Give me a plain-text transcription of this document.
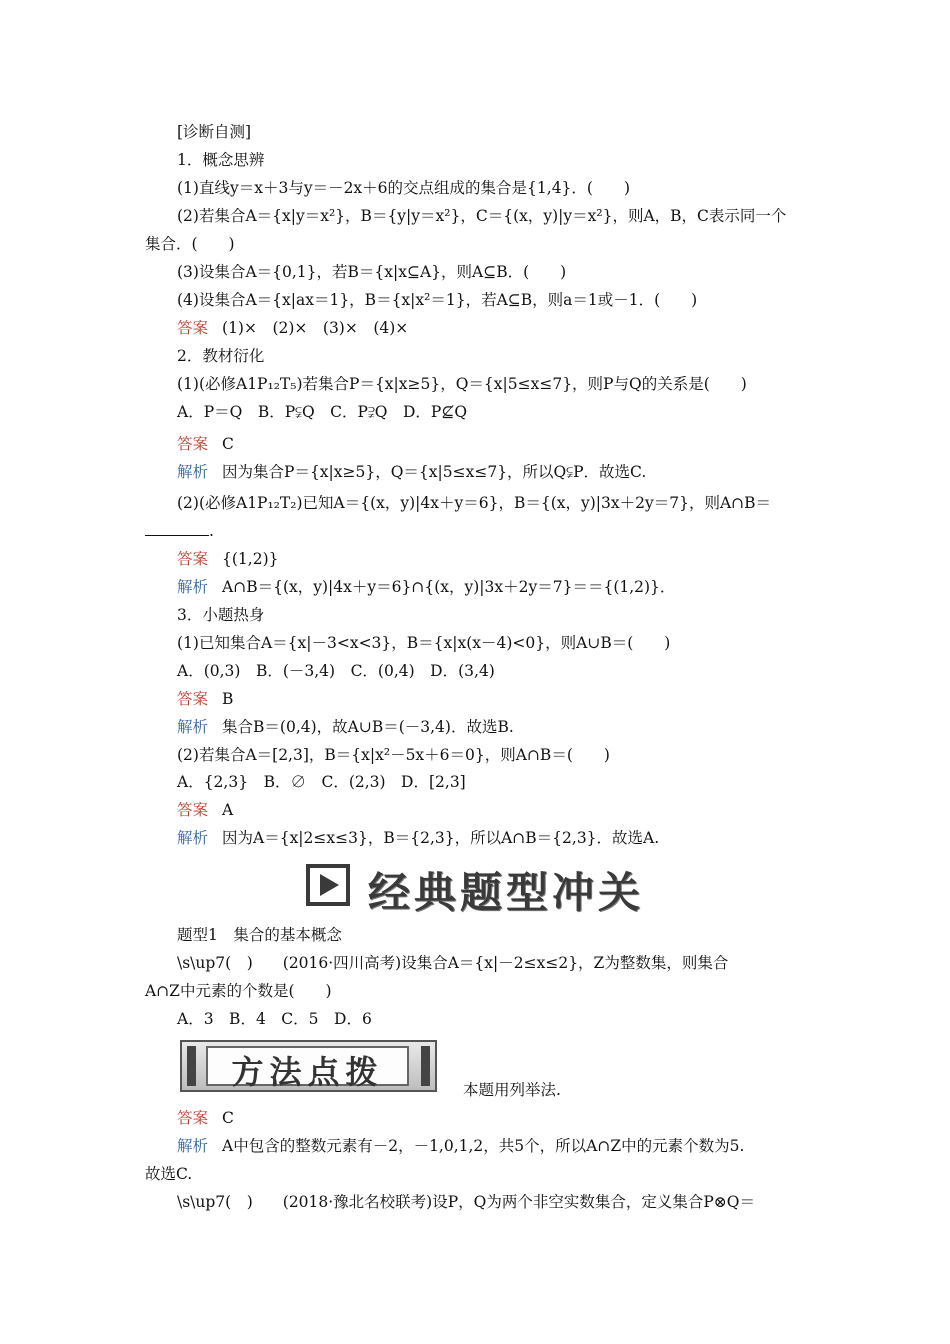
[诊断自测]
1．概念思辨
(1)直线y＝x＋3与y＝－2x＋6的交点组成的集合是{1,4}．(　　)
(2)若集合A＝{x|y＝x²}，B＝{y|y＝x²}，C＝{(x，y)|y＝x²}，则A，B，C表示同一个
集合．(　　)
(3)设集合A＝{0,1}，若B＝{x|x⊆A}，则A⊆B．(　　)
(4)设集合A＝{x|ax＝1}，B＝{x|x²＝1}，若A⊆B，则a＝1或－1．(　　)
答案 (1)×　(2)×　(3)×　(4)×
2．教材衍化
(1)(必修A1P₁₂T₅)若集合P＝{x|x≥5}，Q＝{x|5≤x≤7}，则P与Q的关系是(　　)
A．P＝Q　B．P⫋Q　C．P⫌Q　D．P⊈Q
答案 C
解析 因为集合P＝{x|x≥5}，Q＝{x|5≤x≤7}，所以Q⫋P．故选C.
(2)(必修A1P₁₂T₂)已知A＝{(x，y)|4x＋y＝6}，B＝{(x，y)|3x＋2y＝7}，则A∩B＝
.
答案 {(1,2)}
解析 A∩B＝{(x，y)|4x＋y＝6}∩{(x，y)|3x＋2y＝7}＝＝{(1,2)}．
3．小题热身
(1)已知集合A＝{x|－3<x<3}，B＝{x|x(x－4)<0}，则A∪B＝(　　)
A．(0,3)　B．(－3,4)　C．(0,4)　D．(3,4)
答案 B
解析 集合B＝(0,4)，故A∪B＝(－3,4)．故选B.
(2)若集合A＝[2,3]，B＝{x|x²－5x＋6＝0}，则A∩B＝(　　)
A．{2,3}　B．∅　C．(2,3)　D．[2,3]
答案 A
解析 因为A＝{x|2≤x≤3}，B＝{2,3}，所以A∩B＝{2,3}．故选A.
经典题型冲关
题型1　集合的基本概念
\s\up7(　) (2016·四川高考)设集合A＝{x|－2≤x≤2}，Z为整数集，则集合
A∩Z中元素的个数是(　　)
A．3　B．4　C．5　D．6
方法点拨	本题用列举法.
答案 C
解析 A中包含的整数元素有－2，－1,0,1,2，共5个，所以A∩Z中的元素个数为5.
故选C.
\s\up7(　) (2018·豫北名校联考)设P，Q为两个非空实数集合，定义集合P⊗Q＝
